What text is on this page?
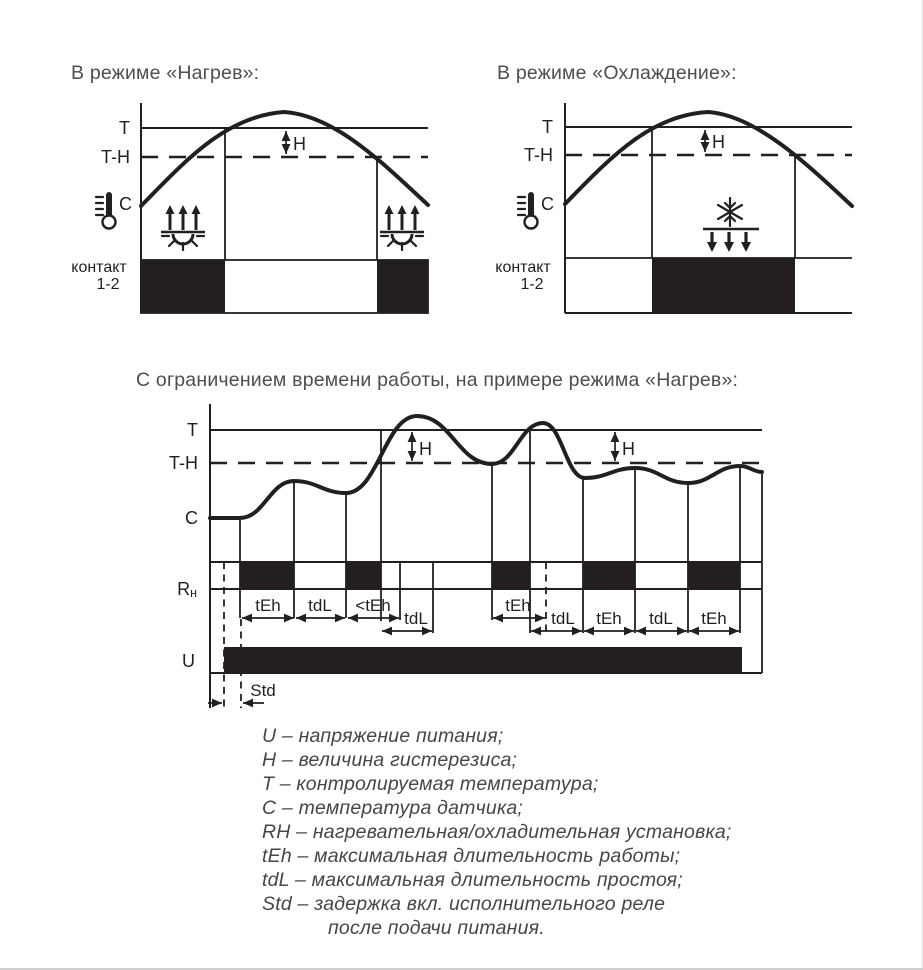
В режиме «Нагрев»:	В режиме «Охлаждение»:
С ограничением времени работы, на примере режима «Нагрев»:
H
T
T-H
C
контакт
1-2
H
T
T-H
C
контакт
1-2
H	H
tEh tdL <tEh	tEh
tdL	tdL tEh tdL tEh
Std
T
T-H
C
Rн
U
U – напряжение питания;
H – величина гистерезиса;
T – контролируемая температура;
C – температура датчика;
RH – нагревательная/охладительная установка;
tEh – максимальная длительность работы;
tdL – максимальная длительность простоя;
Std – задержка вкл. исполнительного реле
после подачи питания.
